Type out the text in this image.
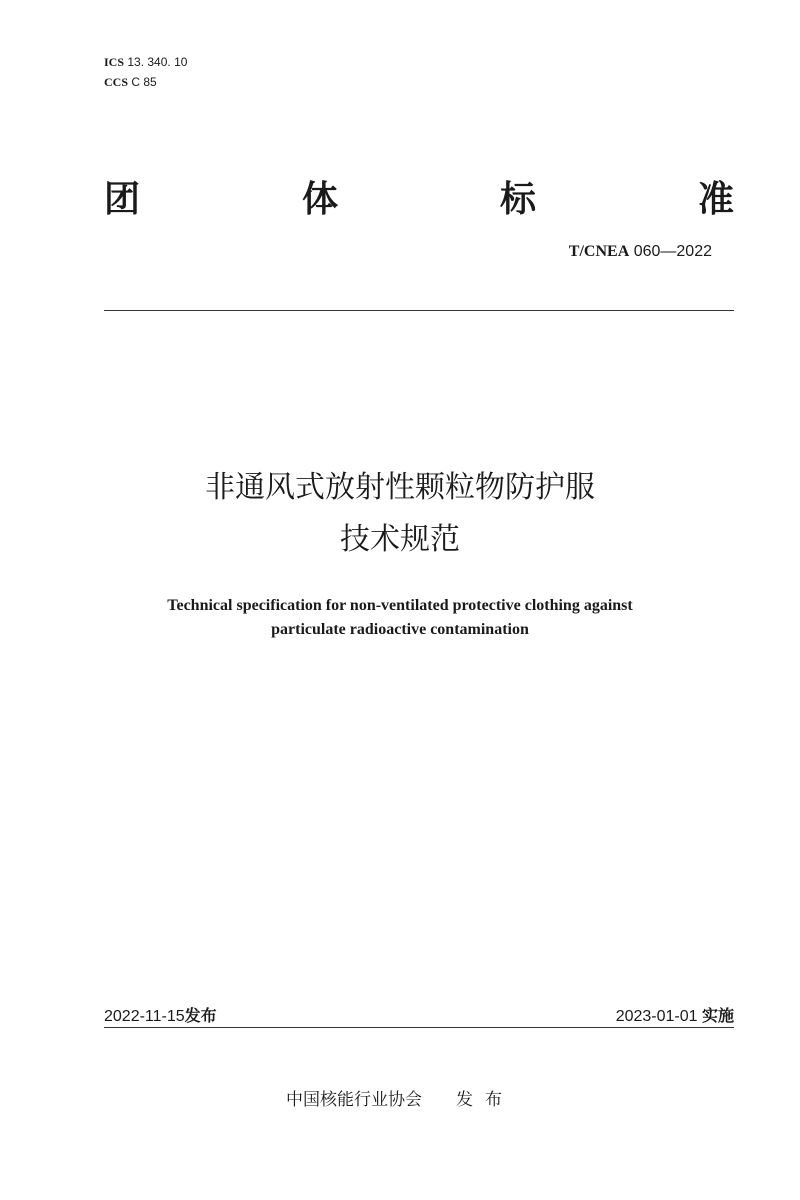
ICS 13. 340. 10
CCS C 85
团	体	标	准
T/CNEA 060—2022
非通风式放射性颗粒物防护服
技术规范
Technical specification for non-ventilated protective clothing against
particulate radioactive contamination
2022-11-15发布	2023-01-01 实施
中国核能行业协会 发布
